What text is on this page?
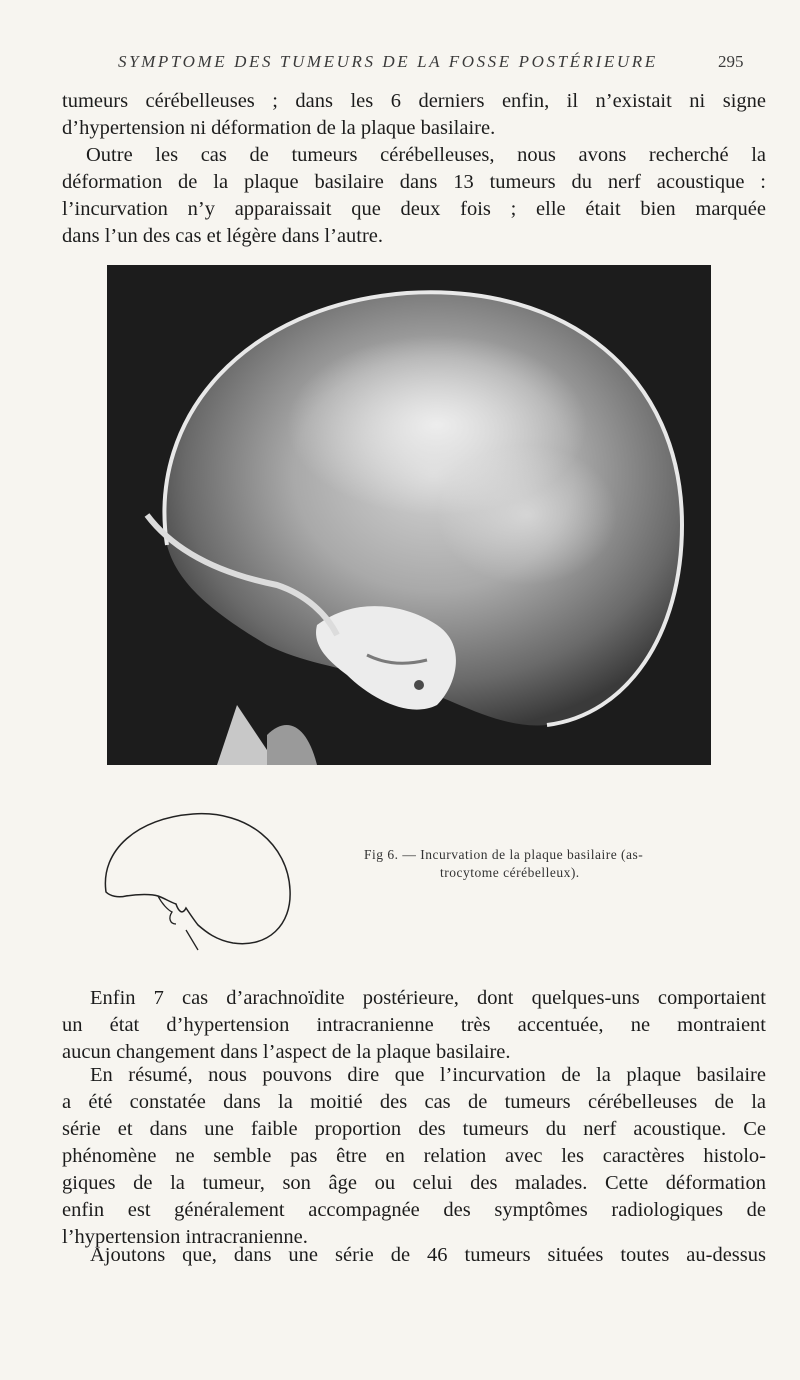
SYMPTOME DES TUMEURS DE LA FOSSE POSTÉRIEURE	295

tumeurs cérébelleuses ; dans les 6 derniers enfin, il n’existait ni signe
d’hypertension ni déformation de la plaque basilaire.

Outre les cas de tumeurs cérébelleuses, nous avons recherché la
déformation de la plaque basilaire dans 13 tumeurs du nerf acoustique :
l’incurvation n’y apparaissait que deux fois ; elle était bien marquée
dans l’un des cas et légère dans l’autre.

Fig 6. — Incurvation de la plaque basilaire (as-
trocytome cérébelleux).

Enfin 7 cas d’arachnoïdite postérieure, dont quelques-uns comportaient
un état d’hypertension intracranienne très accentuée, ne montraient
aucun changement dans l’aspect de la plaque basilaire.

En résumé, nous pouvons dire que l’incurvation de la plaque basilaire
a été constatée dans la moitié des cas de tumeurs cérébelleuses de la
série et dans une faible proportion des tumeurs du nerf acoustique. Ce
phénomène ne semble pas être en relation avec les caractères histolo-
giques de la tumeur, son âge ou celui des malades. Cette déformation
enfin est généralement accompagnée des symptômes radiologiques de
l’hypertension intracranienne.

Ajoutons que, dans une série de 46 tumeurs situées toutes au-dessus
